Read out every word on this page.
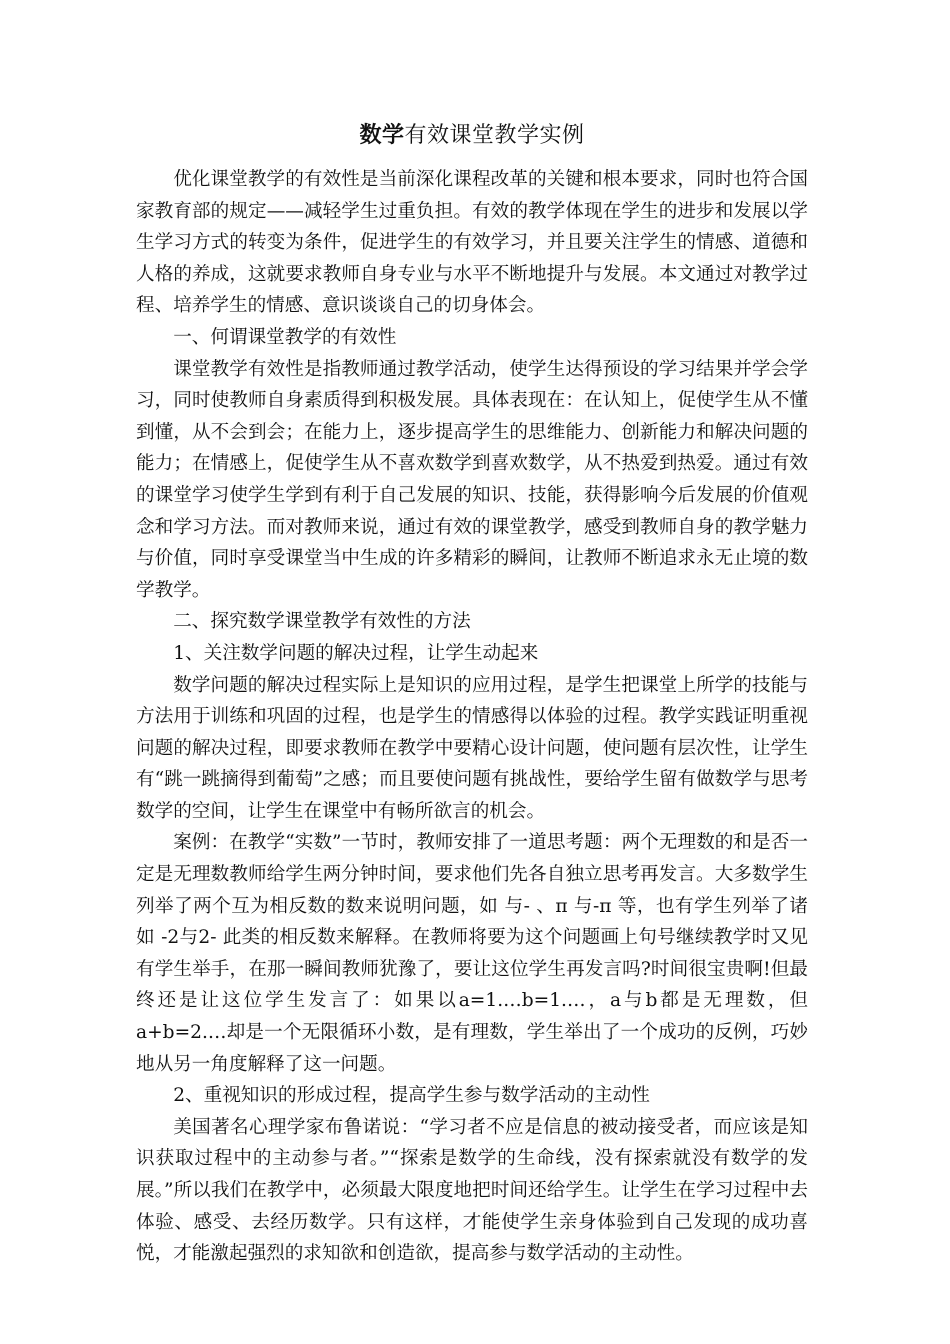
数学有效课堂教学实例

优化课堂教学的有效性是当前深化课程改革的关键和根本要求，同时也符合国家教育部的规定——减轻学生过重负担。有效的教学体现在学生的进步和发展以学生学习方式的转变为条件，促进学生的有效学习，并且要关注学生的情感、道德和人格的养成，这就要求教师自身专业与水平不断地提升与发展。本文通过对教学过程、培养学生的情感、意识谈谈自己的切身体会。

一、何谓课堂教学的有效性

课堂教学有效性是指教师通过教学活动，使学生达得预设的学习结果并学会学习，同时使教师自身素质得到积极发展。具体表现在：在认知上，促使学生从不懂到懂，从不会到会；在能力上，逐步提高学生的思维能力、创新能力和解决问题的能力；在情感上，促使学生从不喜欢数学到喜欢数学，从不热爱到热爱。通过有效的课堂学习使学生学到有利于自己发展的知识、技能，获得影响今后发展的价值观念和学习方法。而对教师来说，通过有效的课堂教学，感受到教师自身的教学魅力与价值，同时享受课堂当中生成的许多精彩的瞬间，让教师不断追求永无止境的数学教学。

二、探究数学课堂教学有效性的方法

1、关注数学问题的解决过程，让学生动起来

数学问题的解决过程实际上是知识的应用过程，是学生把课堂上所学的技能与方法用于训练和巩固的过程，也是学生的情感得以体验的过程。教学实践证明重视问题的解决过程，即要求教师在教学中要精心设计问题，使问题有层次性，让学生有“跳一跳摘得到葡萄”之感；而且要使问题有挑战性，要给学生留有做数学与思考数学的空间，让学生在课堂中有畅所欲言的机会。

案例：在教学“实数”一节时，教师安排了一道思考题：两个无理数的和是否一定是无理数教师给学生两分钟时间，要求他们先各自独立思考再发言。大多数学生列举了两个互为相反数的数来说明问题，如 与- 、π 与-π 等，也有学生列举了诸如 -2与2- 此类的相反数来解释。在教师将要为这个问题画上句号继续教学时又见有学生举手，在那一瞬间教师犹豫了，要让这位学生再发言吗?时间很宝贵啊!但最终还是让这位学生发言了：如果以a=1.…b=1.…，a与b都是无理数，但a+b=2.…却是一个无限循环小数，是有理数，学生举出了一个成功的反例，巧妙地从另一角度解释了这一问题。

2、重视知识的形成过程，提高学生参与数学活动的主动性

美国著名心理学家布鲁诺说：“学习者不应是信息的被动接受者，而应该是知识获取过程中的主动参与者。”“探索是数学的生命线，没有探索就没有数学的发展。”所以我们在教学中，必须最大限度地把时间还给学生。让学生在学习过程中去体验、感受、去经历数学。只有这样，才能使学生亲身体验到自己发现的成功喜悦，才能激起强烈的求知欲和创造欲，提高参与数学活动的主动性。
